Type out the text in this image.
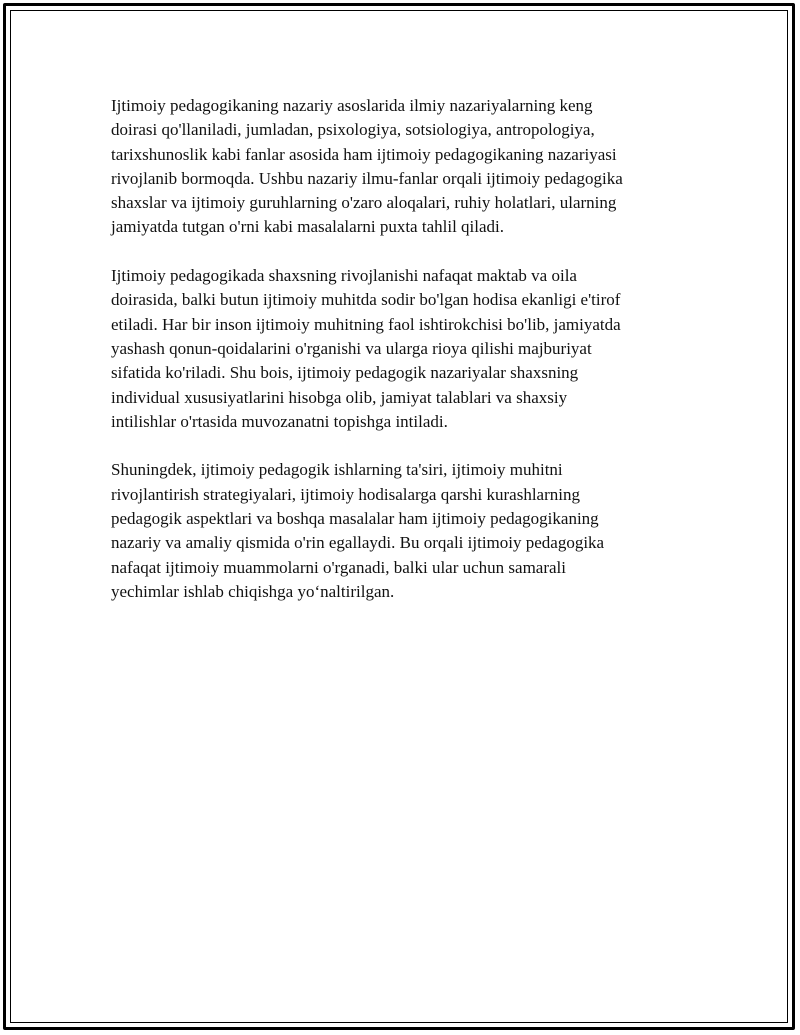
Ijtimoiy pedagogikaning nazariy asoslarida ilmiy nazariyalarning keng
doirasi qo'llaniladi, jumladan, psixologiya, sotsiologiya, antropologiya,
tarixshunoslik kabi fanlar asosida ham ijtimoiy pedagogikaning nazariyasi
rivojlanib bormoqda. Ushbu nazariy ilmu-fanlar orqali ijtimoiy pedagogika
shaxslar va ijtimoiy guruhlarning o'zaro aloqalari, ruhiy holatlari, ularning
jamiyatda tutgan o'rni kabi masalalarni puxta tahlil qiladi.

Ijtimoiy pedagogikada shaxsning rivojlanishi nafaqat maktab va oila
doirasida, balki butun ijtimoiy muhitda sodir bo'lgan hodisa ekanligi e'tirof
etiladi. Har bir inson ijtimoiy muhitning faol ishtirokchisi bo'lib, jamiyatda
yashash qonun-qoidalarini o'rganishi va ularga rioya qilishi majburiyat
sifatida ko'riladi. Shu bois, ijtimoiy pedagogik nazariyalar shaxsning
individual xususiyatlarini hisobga olib, jamiyat talablari va shaxsiy
intilishlar o'rtasida muvozanatni topishga intiladi.

Shuningdek, ijtimoiy pedagogik ishlarning ta'siri, ijtimoiy muhitni
rivojlantirish strategiyalari, ijtimoiy hodisalarga qarshi kurashlarning
pedagogik aspektlari va boshqa masalalar ham ijtimoiy pedagogikaning
nazariy va amaliy qismida o'rin egallaydi. Bu orqali ijtimoiy pedagogika
nafaqat ijtimoiy muammolarni o'rganadi, balki ular uchun samarali
yechimlar ishlab chiqishga yoʻnaltirilgan.
